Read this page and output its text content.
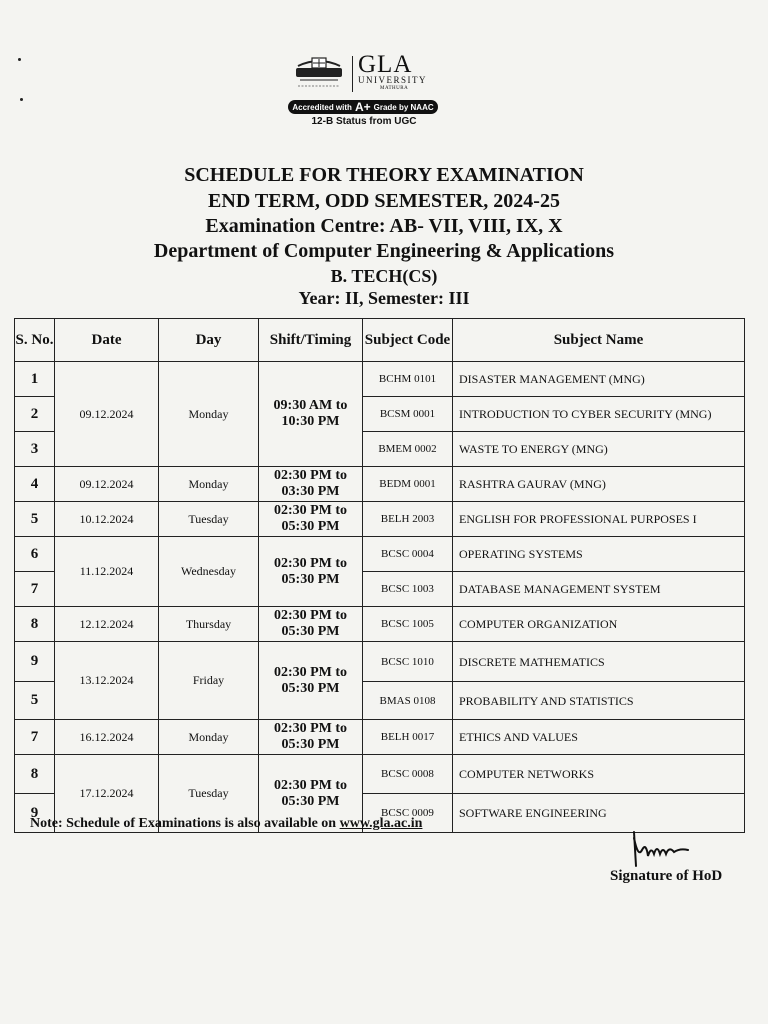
GLA
UNIVERSITY
MATHURA
Accredited with A+ Grade by NAAC
12-B Status from UGC
SCHEDULE FOR THEORY EXAMINATION
END TERM, ODD SEMESTER, 2024-25
Examination Centre: AB- VII, VIII, IX, X
Department of Computer Engineering & Applications
B. TECH(CS)
Year: II, Semester: III
S. No.	Date	Day	Shift/Timing	Subject Code	Subject Name
1	09.12.2024	Monday	09:30 AM to 10:30 PM	BCHM 0101	DISASTER MANAGEMENT (MNG)
2				BCSM 0001	INTRODUCTION TO CYBER SECURITY (MNG)
3				BMEM 0002	WASTE TO ENERGY (MNG)
4	09.12.2024	Monday	02:30 PM to 03:30 PM	BEDM 0001	RASHTRA GAURAV (MNG)
5	10.12.2024	Tuesday	02:30 PM to 05:30 PM	BELH 2003	ENGLISH FOR PROFESSIONAL PURPOSES I
6	11.12.2024	Wednesday	02:30 PM to 05:30 PM	BCSC 0004	OPERATING SYSTEMS
7				BCSC 1003	DATABASE MANAGEMENT SYSTEM
8	12.12.2024	Thursday	02:30 PM to 05:30 PM	BCSC 1005	COMPUTER ORGANIZATION
9	13.12.2024	Friday	02:30 PM to 05:30 PM	BCSC 1010	DISCRETE MATHEMATICS
5				BMAS 0108	PROBABILITY AND STATISTICS
7	16.12.2024	Monday	02:30 PM to 05:30 PM	BELH 0017	ETHICS AND VALUES
8	17.12.2024	Tuesday	02:30 PM to 05:30 PM	BCSC 0008	COMPUTER NETWORKS
9				BCSC 0009	SOFTWARE ENGINEERING
Note: Schedule of Examinations is also available on www.gla.ac.in
Signature of HoD
